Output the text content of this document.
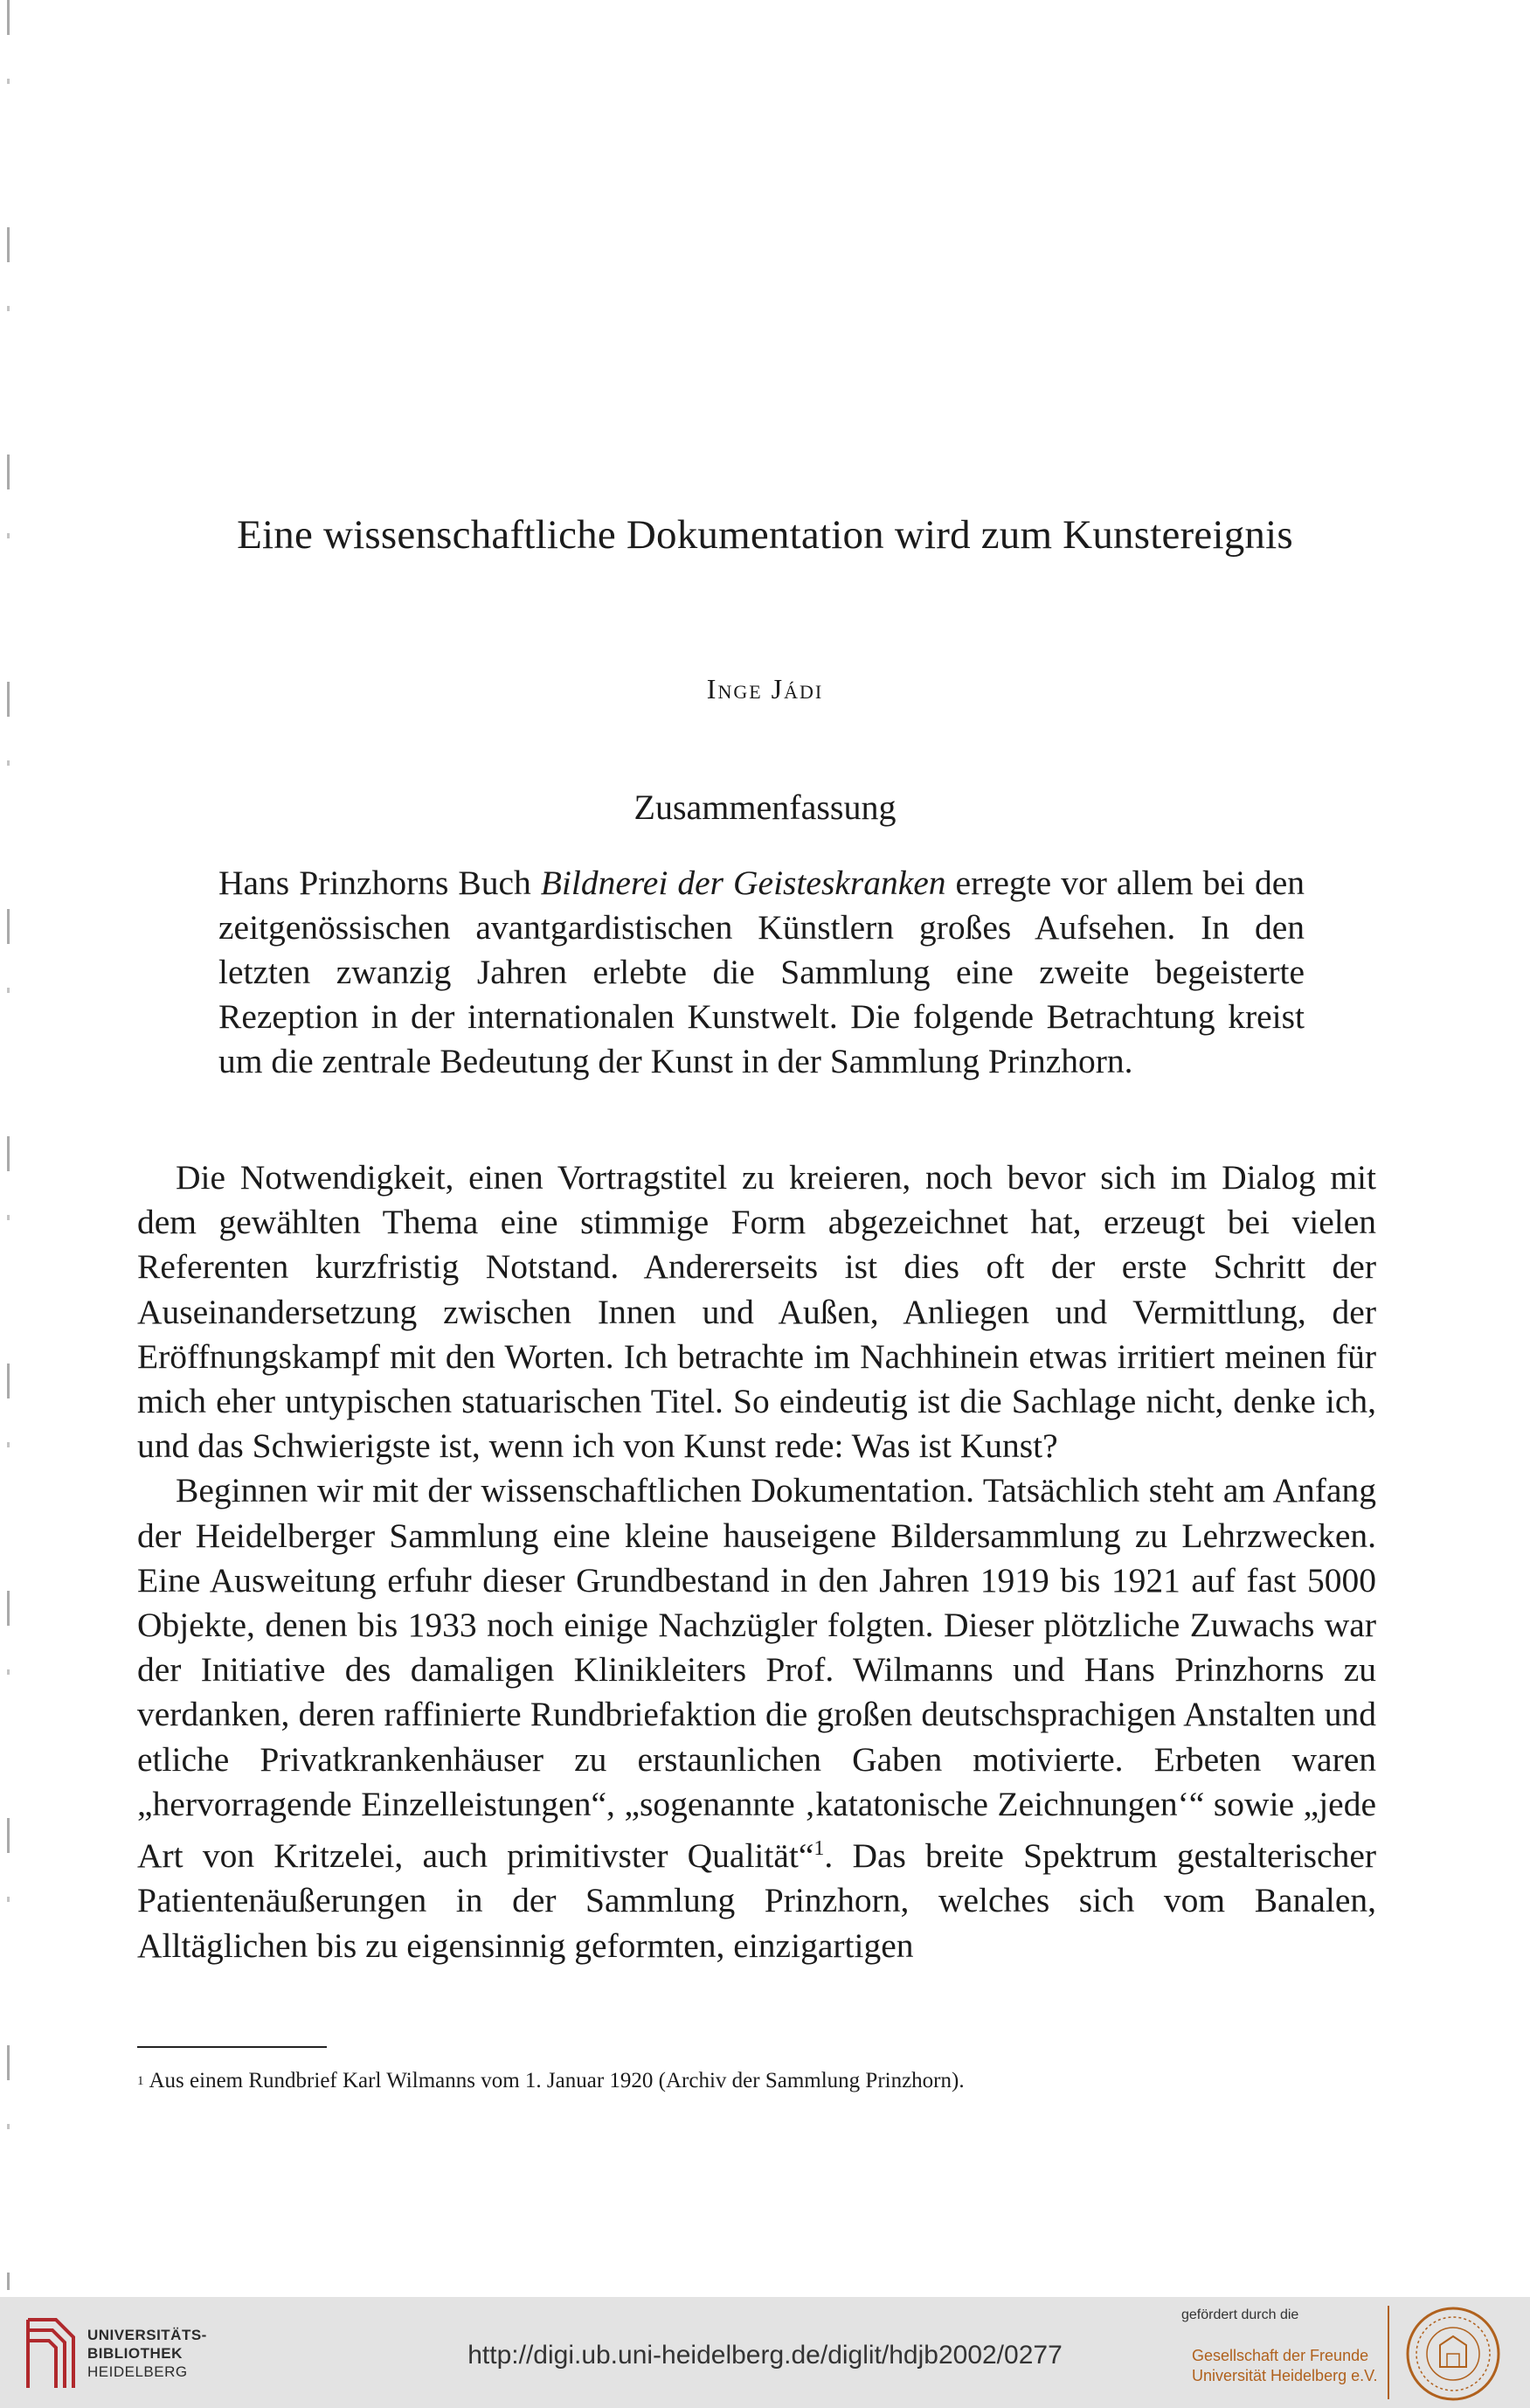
Eine wissenschaftliche Dokumentation wird zum Kunstereignis
Inge Jádi
Zusammenfassung

Hans Prinzhorns Buch Bildnerei der Geisteskranken erregte vor allem bei den zeitgenössischen avantgardistischen Künstlern großes Aufsehen. In den letzten zwanzig Jahren erlebte die Sammlung eine zweite begeisterte Rezeption in der internationalen Kunstwelt. Die folgende Betrachtung kreist um die zentrale Bedeutung der Kunst in der Sammlung Prinzhorn.

Die Notwendigkeit, einen Vortragstitel zu kreieren, noch bevor sich im Dialog mit dem gewählten Thema eine stimmige Form abgezeichnet hat, erzeugt bei vielen Referenten kurzfristig Notstand. Andererseits ist dies oft der erste Schritt der Auseinandersetzung zwischen Innen und Außen, Anliegen und Vermittlung, der Eröffnungskampf mit den Worten. Ich betrachte im Nachhinein etwas irritiert meinen für mich eher untypischen statuarischen Titel. So eindeutig ist die Sachlage nicht, denke ich, und das Schwierigste ist, wenn ich von Kunst rede: Was ist Kunst?

Beginnen wir mit der wissenschaftlichen Dokumentation. Tatsächlich steht am Anfang der Heidelberger Sammlung eine kleine hauseigene Bildersammlung zu Lehrzwecken. Eine Ausweitung erfuhr dieser Grundbestand in den Jahren 1919 bis 1921 auf fast 5000 Objekte, denen bis 1933 noch einige Nachzügler folgten. Dieser plötzliche Zuwachs war der Initiative des damaligen Klinikleiters Prof. Wilmanns und Hans Prinzhorns zu verdanken, deren raffinierte Rundbriefaktion die großen deutschsprachigen Anstalten und etliche Privatkrankenhäuser zu erstaunlichen Gaben motivierte. Erbeten waren „hervorragende Einzelleistungen“, „sogenannte ‚katatonische Zeichnungen‘“ sowie „jede Art von Kritzelei, auch primitivster Qualität“$^1$. Das breite Spektrum gestalterischer Patientenäußerungen in der Sammlung Prinzhorn, welches sich vom Banalen, Alltäglichen bis zu eigensinnig geformten, einzigartigen

$^1$ Aus einem Rundbrief Karl Wilmanns vom 1. Januar 1920 (Archiv der Sammlung Prinzhorn).
UNIVERSITÄTS-
BIBLIOTHEK
HEIDELBERG
http://digi.ub.uni-heidelberg.de/diglit/hdjb2002/0277
gefördert durch die
Gesellschaft der Freunde
Universität Heidelberg e.V.
